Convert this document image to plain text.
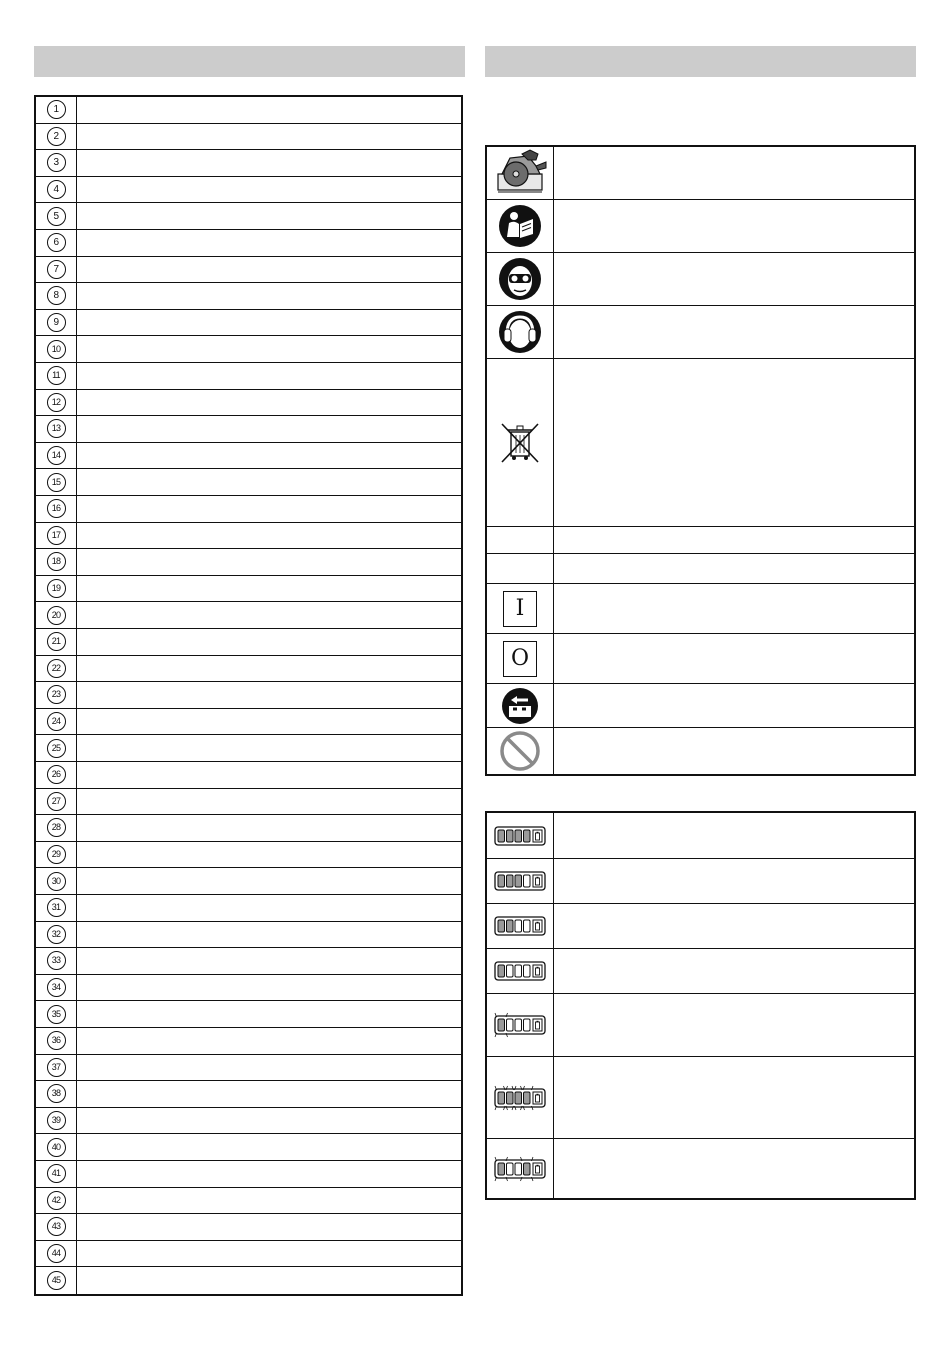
1
2
3
4
5
6
7
8
9
10
11
12
13
14
15
16
17
18
19
20
21
22
23
24
25
26
27
28
29
30
31
32
33
34
35
36
37
38
39
40
41
42
43
44
45
I
O
